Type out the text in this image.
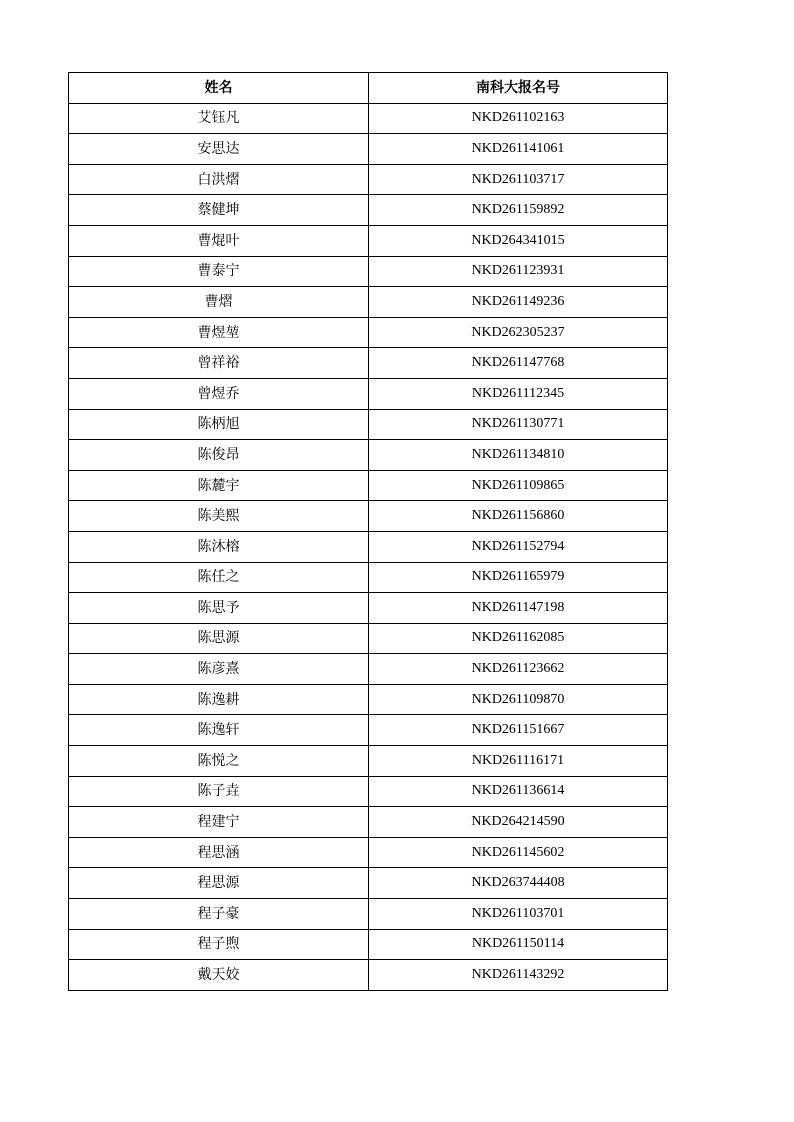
姓名	南科大报名号
艾钰凡	NKD261102163
安思达	NKD261141061
白洪熠	NKD261103717
蔡健坤	NKD261159892
曹焜叶	NKD264341015
曹泰宁	NKD261123931
曹熠	NKD261149236
曹煜堃	NKD262305237
曾祥裕	NKD261147768
曾煜乔	NKD261112345
陈柄旭	NKD261130771
陈俊昂	NKD261134810
陈麓宇	NKD261109865
陈美熙	NKD261156860
陈沐榕	NKD261152794
陈任之	NKD261165979
陈思予	NKD261147198
陈思源	NKD261162085
陈彦熹	NKD261123662
陈逸耕	NKD261109870
陈逸轩	NKD261151667
陈悦之	NKD261116171
陈子垚	NKD261136614
程建宁	NKD264214590
程思涵	NKD261145602
程思源	NKD263744408
程子豪	NKD261103701
程子煦	NKD261150114
戴天姣	NKD261143292
